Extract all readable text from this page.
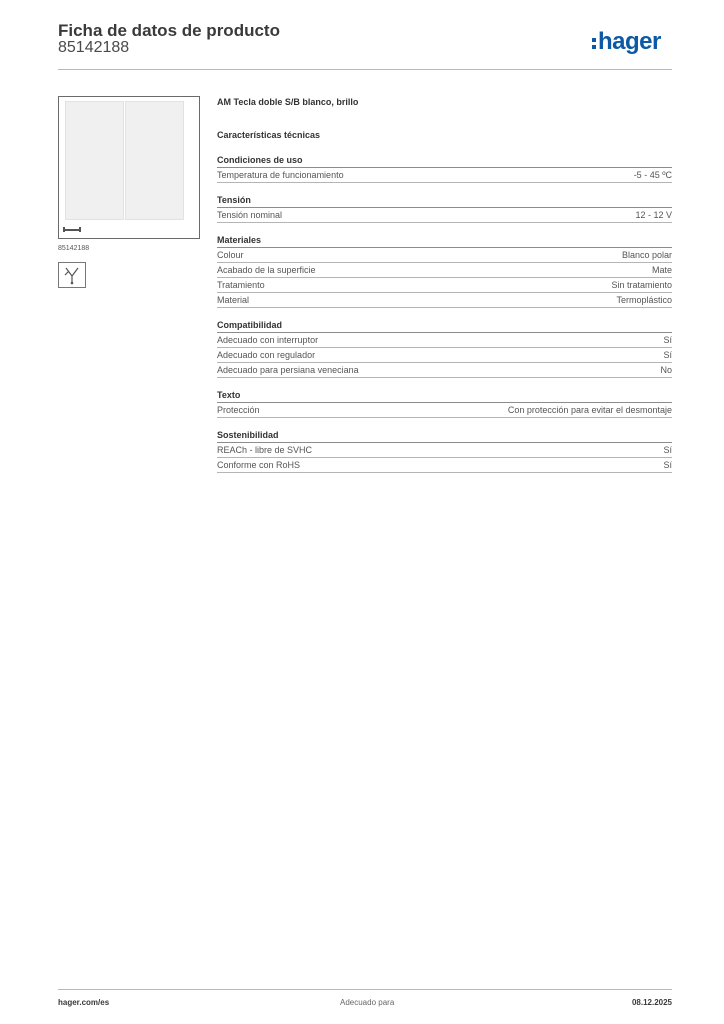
Ficha de datos de producto
85142188	hager
85142188
AM Tecla doble S/B blanco, brillo
Características técnicas
Condiciones de uso
Temperatura de funcionamiento	-5 - 45 ºC
Tensión
Tensión nominal	12 - 12 V
Materiales
Colour	Blanco polar
Acabado de la superficie	Mate
Tratamiento	Sin tratamiento
Material	Termoplástico
Compatibilidad
Adecuado con interruptor	Sí
Adecuado con regulador	Sí
Adecuado para persiana veneciana	No
Texto
Protección	Con protección para evitar el desmontaje
Sostenibilidad
REACh - libre de SVHC	Sí
Conforme con RoHS	Sí
hager.com/es	Adecuado para	08.12.2025
